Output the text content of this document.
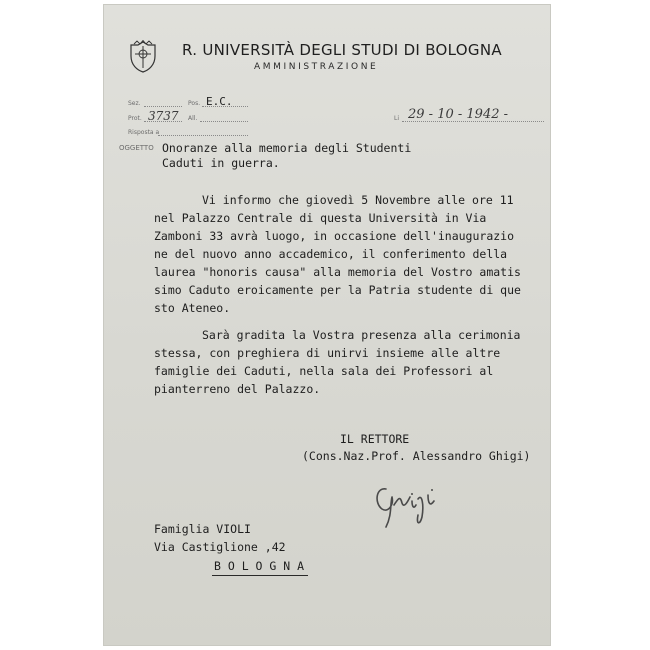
R. UNIVERSITÀ DEGLI STUDI DI BOLOGNA
AMMINISTRAZIONE
Sez.	Pos. E.C.
Prot. 3737 All.
Risposta a
Li 29 - 10 - 1942 -
OGGETTO Onoranze alla memoria degli Studenti
Caduti in guerra.
Vi informo che giovedì 5 Novembre alle ore 11
nel Palazzo Centrale di questa Università in Via
Zamboni 33 avrà luogo, in occasione dell'inaugurazio
ne del nuovo anno accademico, il conferimento della
laurea "honoris causa" alla memoria del Vostro amatis
simo Caduto eroicamente per la Patria studente di que
sto Ateneo.
Sarà gradita la Vostra presenza alla cerimonia
stessa, con preghiera di unirvi insieme alle altre
famiglie dei Caduti, nella sala dei Professori al
pianterreno del Palazzo.
IL RETTORE
(Cons.Naz.Prof. Alessandro Ghigi)
Famiglia VIOLI
Via Castiglione ,42
B O L O G N A
